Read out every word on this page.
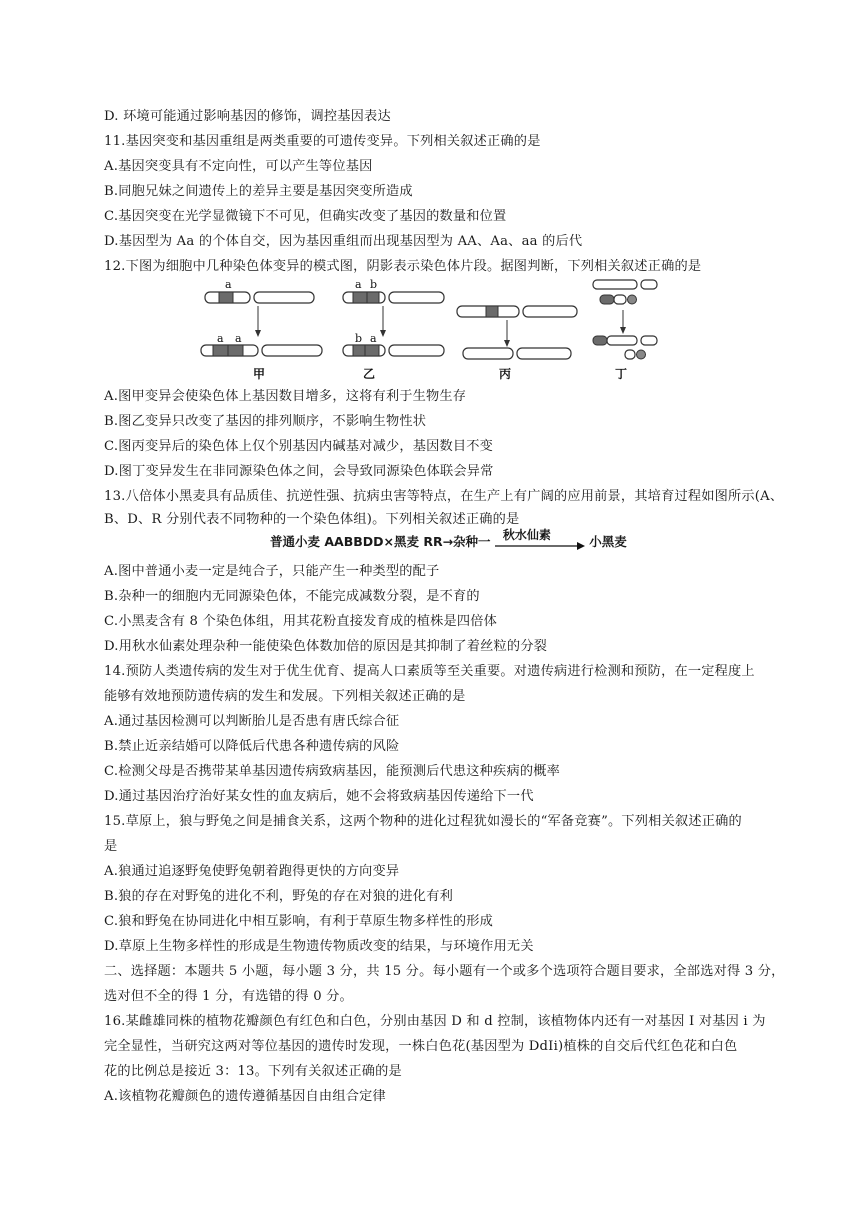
D. 环境可能通过影响基因的修饰，调控基因表达
11.基因突变和基因重组是两类重要的可遗传变异。下列相关叙述正确的是
A.基因突变具有不定向性，可以产生等位基因
B.同胞兄妹之间遗传上的差异主要是基因突变所造成
C.基因突变在光学显微镜下不可见，但确实改变了基因的数量和位置
D.基因型为 Aa 的个体自交，因为基因重组而出现基因型为 AA、Aa、aa 的后代
12.下图为细胞中几种染色体变异的模式图，阴影表示染色体片段。据图判断，下列相关叙述正确的是
a
a a
甲
a b
b a
乙	丙	丁
A.图甲变异会使染色体上基因数目增多，这将有利于生物生存
B.图乙变异只改变了基因的排列顺序，不影响生物性状
C.图丙变异后的染色体上仅个别基因内碱基对减少，基因数目不变
D.图丁变异发生在非同源染色体之间，会导致同源染色体联会异常
13.八倍体小黑麦具有品质佳、抗逆性强、抗病虫害等特点，在生产上有广阔的应用前景，其培育过程如图所示(A、
B、D、R 分别代表不同物种的一个染色体组)。下列相关叙述正确的是
普通小麦 AABBDD×黑麦 RR→杂种一 秋水仙素	小黑麦
A.图中普通小麦一定是纯合子，只能产生一种类型的配子
B.杂种一的细胞内无同源染色体，不能完成减数分裂，是不育的
C.小黑麦含有 8 个染色体组，用其花粉直接发育成的植株是四倍体
D.用秋水仙素处理杂种一能使染色体数加倍的原因是其抑制了着丝粒的分裂
14.预防人类遗传病的发生对于优生优育、提高人口素质等至关重要。对遗传病进行检测和预防，在一定程度上
能够有效地预防遗传病的发生和发展。下列相关叙述正确的是
A.通过基因检测可以判断胎儿是否患有唐氏综合征
B.禁止近亲结婚可以降低后代患各种遗传病的风险
C.检测父母是否携带某单基因遗传病致病基因，能预测后代患这种疾病的概率
D.通过基因治疗治好某女性的血友病后，她不会将致病基因传递给下一代
15.草原上，狼与野兔之间是捕食关系，这两个物种的进化过程犹如漫长的“军备竞赛”。下列相关叙述正确的
是
A.狼通过追逐野兔使野兔朝着跑得更快的方向变异
B.狼的存在对野兔的进化不利，野兔的存在对狼的进化有利
C.狼和野兔在协同进化中相互影响，有利于草原生物多样性的形成
D.草原上生物多样性的形成是生物遗传物质改变的结果，与环境作用无关
二、选择题：本题共 5 小题，每小题 3 分，共 15 分。每小题有一个或多个选项符合题目要求，全部选对得 3 分，
选对但不全的得 1 分，有选错的得 0 分。
16.某雌雄同株的植物花瓣颜色有红色和白色，分别由基因 D 和 d 控制，该植物体内还有一对基因 I 对基因 i 为
完全显性，当研究这两对等位基因的遗传时发现，一株白色花(基因型为 DdIi)植株的自交后代红色花和白色
花的比例总是接近 3：13。下列有关叙述正确的是
A.该植物花瓣颜色的遗传遵循基因自由组合定律
